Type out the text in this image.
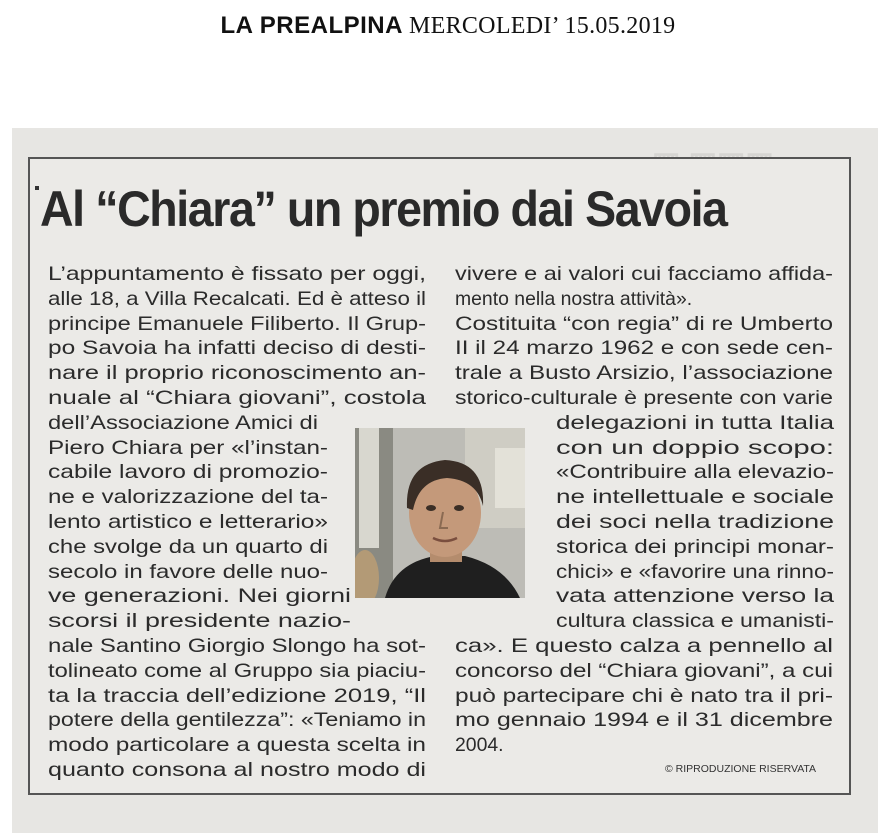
LA PREALPINA MERCOLEDI’ 15.05.2019
Al “Chiara” un premio dai Savoia
L’appuntamento è fissato per oggi,
alle 18, a Villa Recalcati. Ed è atteso il
principe Emanuele Filiberto. Il Grup-
po Savoia ha infatti deciso di desti-
nare il proprio riconoscimento an-
nuale al “Chiara giovani”, costola
dell’Associazione Amici di
Piero Chiara per «l’instan-
cabile lavoro di promozio-
ne e valorizzazione del ta-
lento artistico e letterario»
che svolge da un quarto di
secolo in favore delle nuo-
ve generazioni. Nei giorni
scorsi il presidente nazio-
nale Santino Giorgio Slongo ha sot-
tolineato come al Gruppo sia piaciu-
ta la traccia dell’edizione 2019, “Il
potere della gentilezza”: «Teniamo in
modo particolare a questa scelta in
quanto consona al nostro modo di
vivere e ai valori cui facciamo affida-
mento nella nostra attività».
Costituita “con regia” di re Umberto
II il 24 marzo 1962 e con sede cen-
trale a Busto Arsizio, l’associazione
storico-culturale è presente con varie
delegazioni in tutta Italia
con un doppio scopo:
«Contribuire alla elevazio-
ne intellettuale e sociale
dei soci nella tradizione
storica dei principi monar-
chici» e «favorire una rinno-
vata attenzione verso la
cultura classica e umanisti-
ca». E questo calza a pennello al
concorso del “Chiara giovani”, a cui
può partecipare chi è nato tra il pri-
mo gennaio 1994 e il 31 dicembre
2004.
© RIPRODUZIONE RISERVATA
